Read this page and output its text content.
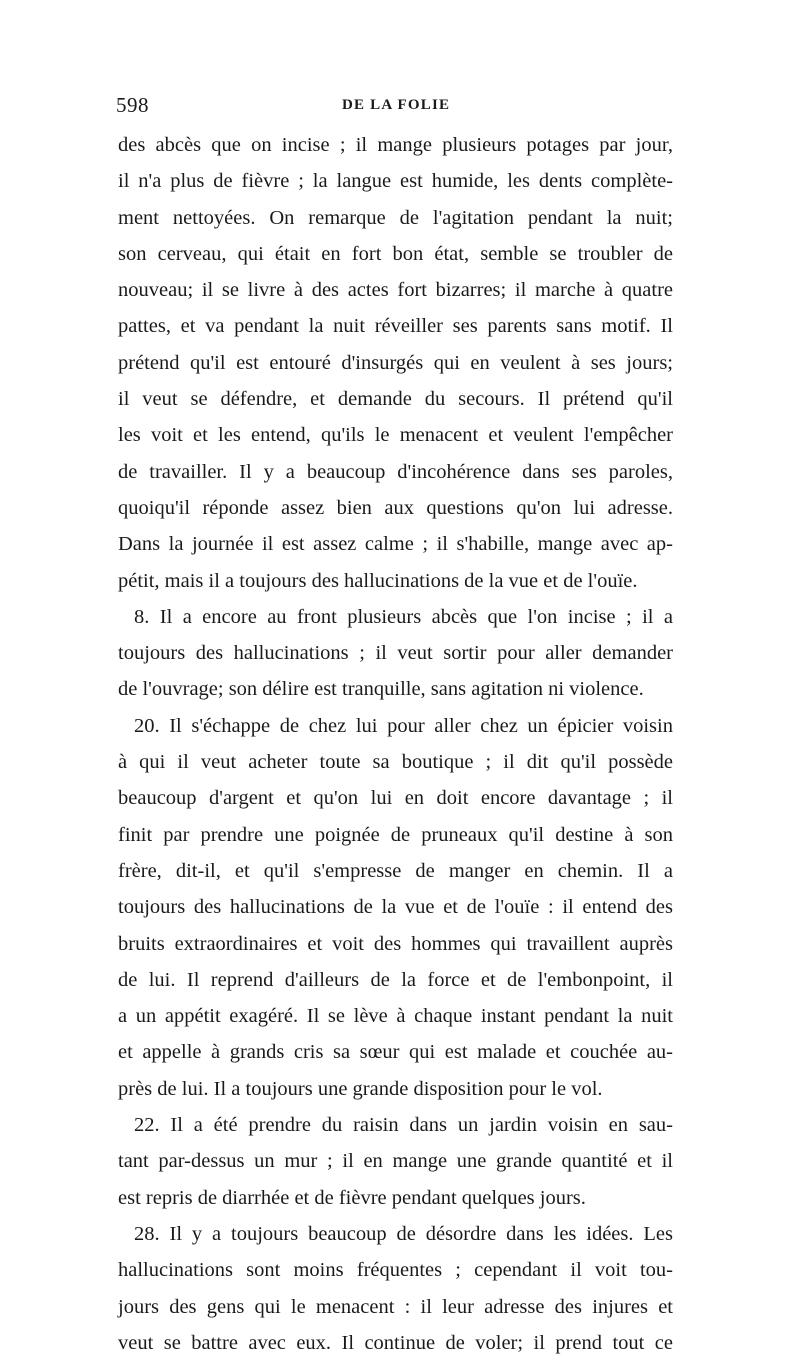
598	DE LA FOLIE
des abcès que on incise ; il mange plusieurs potages par jour,
il n'a plus de fièvre ; la langue est humide, les dents complète-
ment nettoyées. On remarque de l'agitation pendant la nuit;
son cerveau, qui était en fort bon état, semble se troubler de
nouveau; il se livre à des actes fort bizarres; il marche à quatre
pattes, et va pendant la nuit réveiller ses parents sans motif. Il
prétend qu'il est entouré d'insurgés qui en veulent à ses jours;
il veut se défendre, et demande du secours. Il prétend qu'il
les voit et les entend, qu'ils le menacent et veulent l'empêcher
de travailler. Il y a beaucoup d'incohérence dans ses paroles,
quoiqu'il réponde assez bien aux questions qu'on lui adresse.
Dans la journée il est assez calme ; il s'habille, mange avec ap-
pétit, mais il a toujours des hallucinations de la vue et de l'ouïe.
8. Il a encore au front plusieurs abcès que l'on incise ; il a
toujours des hallucinations ; il veut sortir pour aller demander
de l'ouvrage; son délire est tranquille, sans agitation ni violence.
20. Il s'échappe de chez lui pour aller chez un épicier voisin
à qui il veut acheter toute sa boutique ; il dit qu'il possède
beaucoup d'argent et qu'on lui en doit encore davantage ; il
finit par prendre une poignée de pruneaux qu'il destine à son
frère, dit-il, et qu'il s'empresse de manger en chemin. Il a
toujours des hallucinations de la vue et de l'ouïe : il entend des
bruits extraordinaires et voit des hommes qui travaillent auprès
de lui. Il reprend d'ailleurs de la force et de l'embonpoint, il
a un appétit exagéré. Il se lève à chaque instant pendant la nuit
et appelle à grands cris sa sœur qui est malade et couchée au-
près de lui. Il a toujours une grande disposition pour le vol.
22. Il a été prendre du raisin dans un jardin voisin en sau-
tant par-dessus un mur ; il en mange une grande quantité et il
est repris de diarrhée et de fièvre pendant quelques jours.
28. Il y a toujours beaucoup de désordre dans les idées. Les
hallucinations sont moins fréquentes ; cependant il voit tou-
jours des gens qui le menacent : il leur adresse des injures et
veut se battre avec eux. Il continue de voler; il prend tout ce
